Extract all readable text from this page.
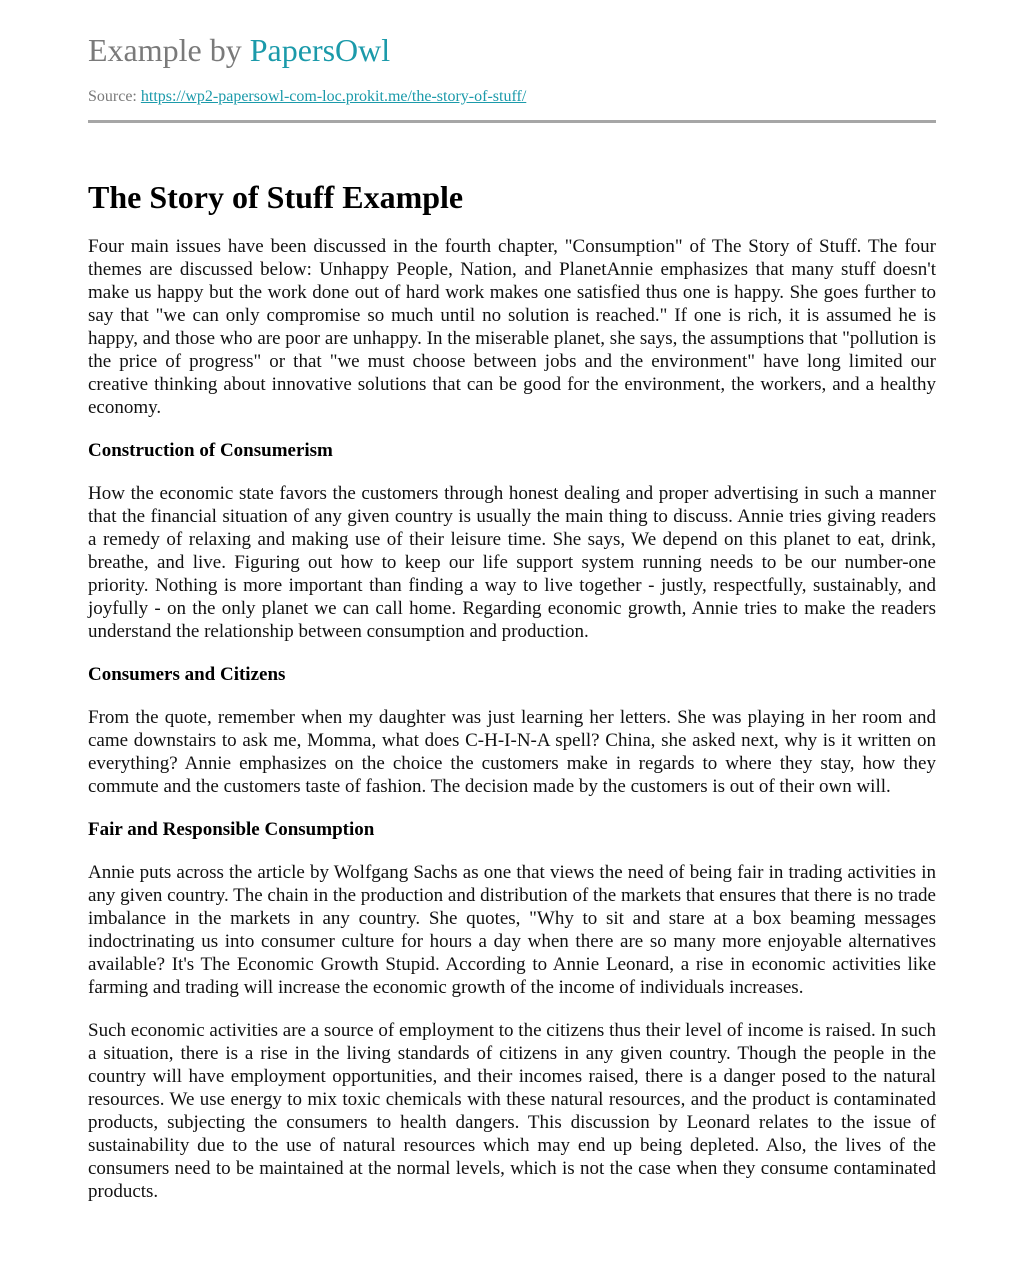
Example by PapersOwl
Source: https://wp2-papersowl-com-loc.prokit.me/the-story-of-stuff/
The Story of Stuff Example

Four main issues have been discussed in the fourth chapter, "Consumption" of The Story of Stuff. The four themes are discussed below: Unhappy People, Nation, and PlanetAnnie emphasizes that many stuff doesn't make us happy but the work done out of hard work makes one satisfied thus one is happy. She goes further to say that "we can only compromise so much until no solution is reached." If one is rich, it is assumed he is happy, and those who are poor are unhappy. In the miserable planet, she says, the assumptions that "pollution is the price of progress" or that "we must choose between jobs and the environment" have long limited our creative thinking about innovative solutions that can be good for the environment, the workers, and a healthy economy.

Construction of Consumerism

How the economic state favors the customers through honest dealing and proper advertising in such a manner that the financial situation of any given country is usually the main thing to discuss. Annie tries giving readers a remedy of relaxing and making use of their leisure time. She says, We depend on this planet to eat, drink, breathe, and live. Figuring out how to keep our life support system running needs to be our number-one priority. Nothing is more important than finding a way to live together - justly, respectfully, sustainably, and joyfully - on the only planet we can call home. Regarding economic growth, Annie tries to make the readers understand the relationship between consumption and production.

Consumers and Citizens

From the quote, remember when my daughter was just learning her letters. She was playing in her room and came downstairs to ask me, Momma, what does C-H-I-N-A spell? China, she asked next, why is it written on everything? Annie emphasizes on the choice the customers make in regards to where they stay, how they commute and the customers taste of fashion. The decision made by the customers is out of their own will.

Fair and Responsible Consumption

Annie puts across the article by Wolfgang Sachs as one that views the need of being fair in trading activities in any given country. The chain in the production and distribution of the markets that ensures that there is no trade imbalance in the markets in any country. She quotes, "Why to sit and stare at a box beaming messages indoctrinating us into consumer culture for hours a day when there are so many more enjoyable alternatives available? It's The Economic Growth Stupid. According to Annie Leonard, a rise in economic activities like farming and trading will increase the economic growth of the income of individuals increases.

Such economic activities are a source of employment to the citizens thus their level of income is raised. In such a situation, there is a rise in the living standards of citizens in any given country. Though the people in the country will have employment opportunities, and their incomes raised, there is a danger posed to the natural resources. We use energy to mix toxic chemicals with these natural resources, and the product is contaminated products, subjecting the consumers to health dangers. This discussion by Leonard relates to the issue of sustainability due to the use of natural resources which may end up being depleted. Also, the lives of the consumers need to be maintained at the normal levels, which is not the case when they consume contaminated products.
